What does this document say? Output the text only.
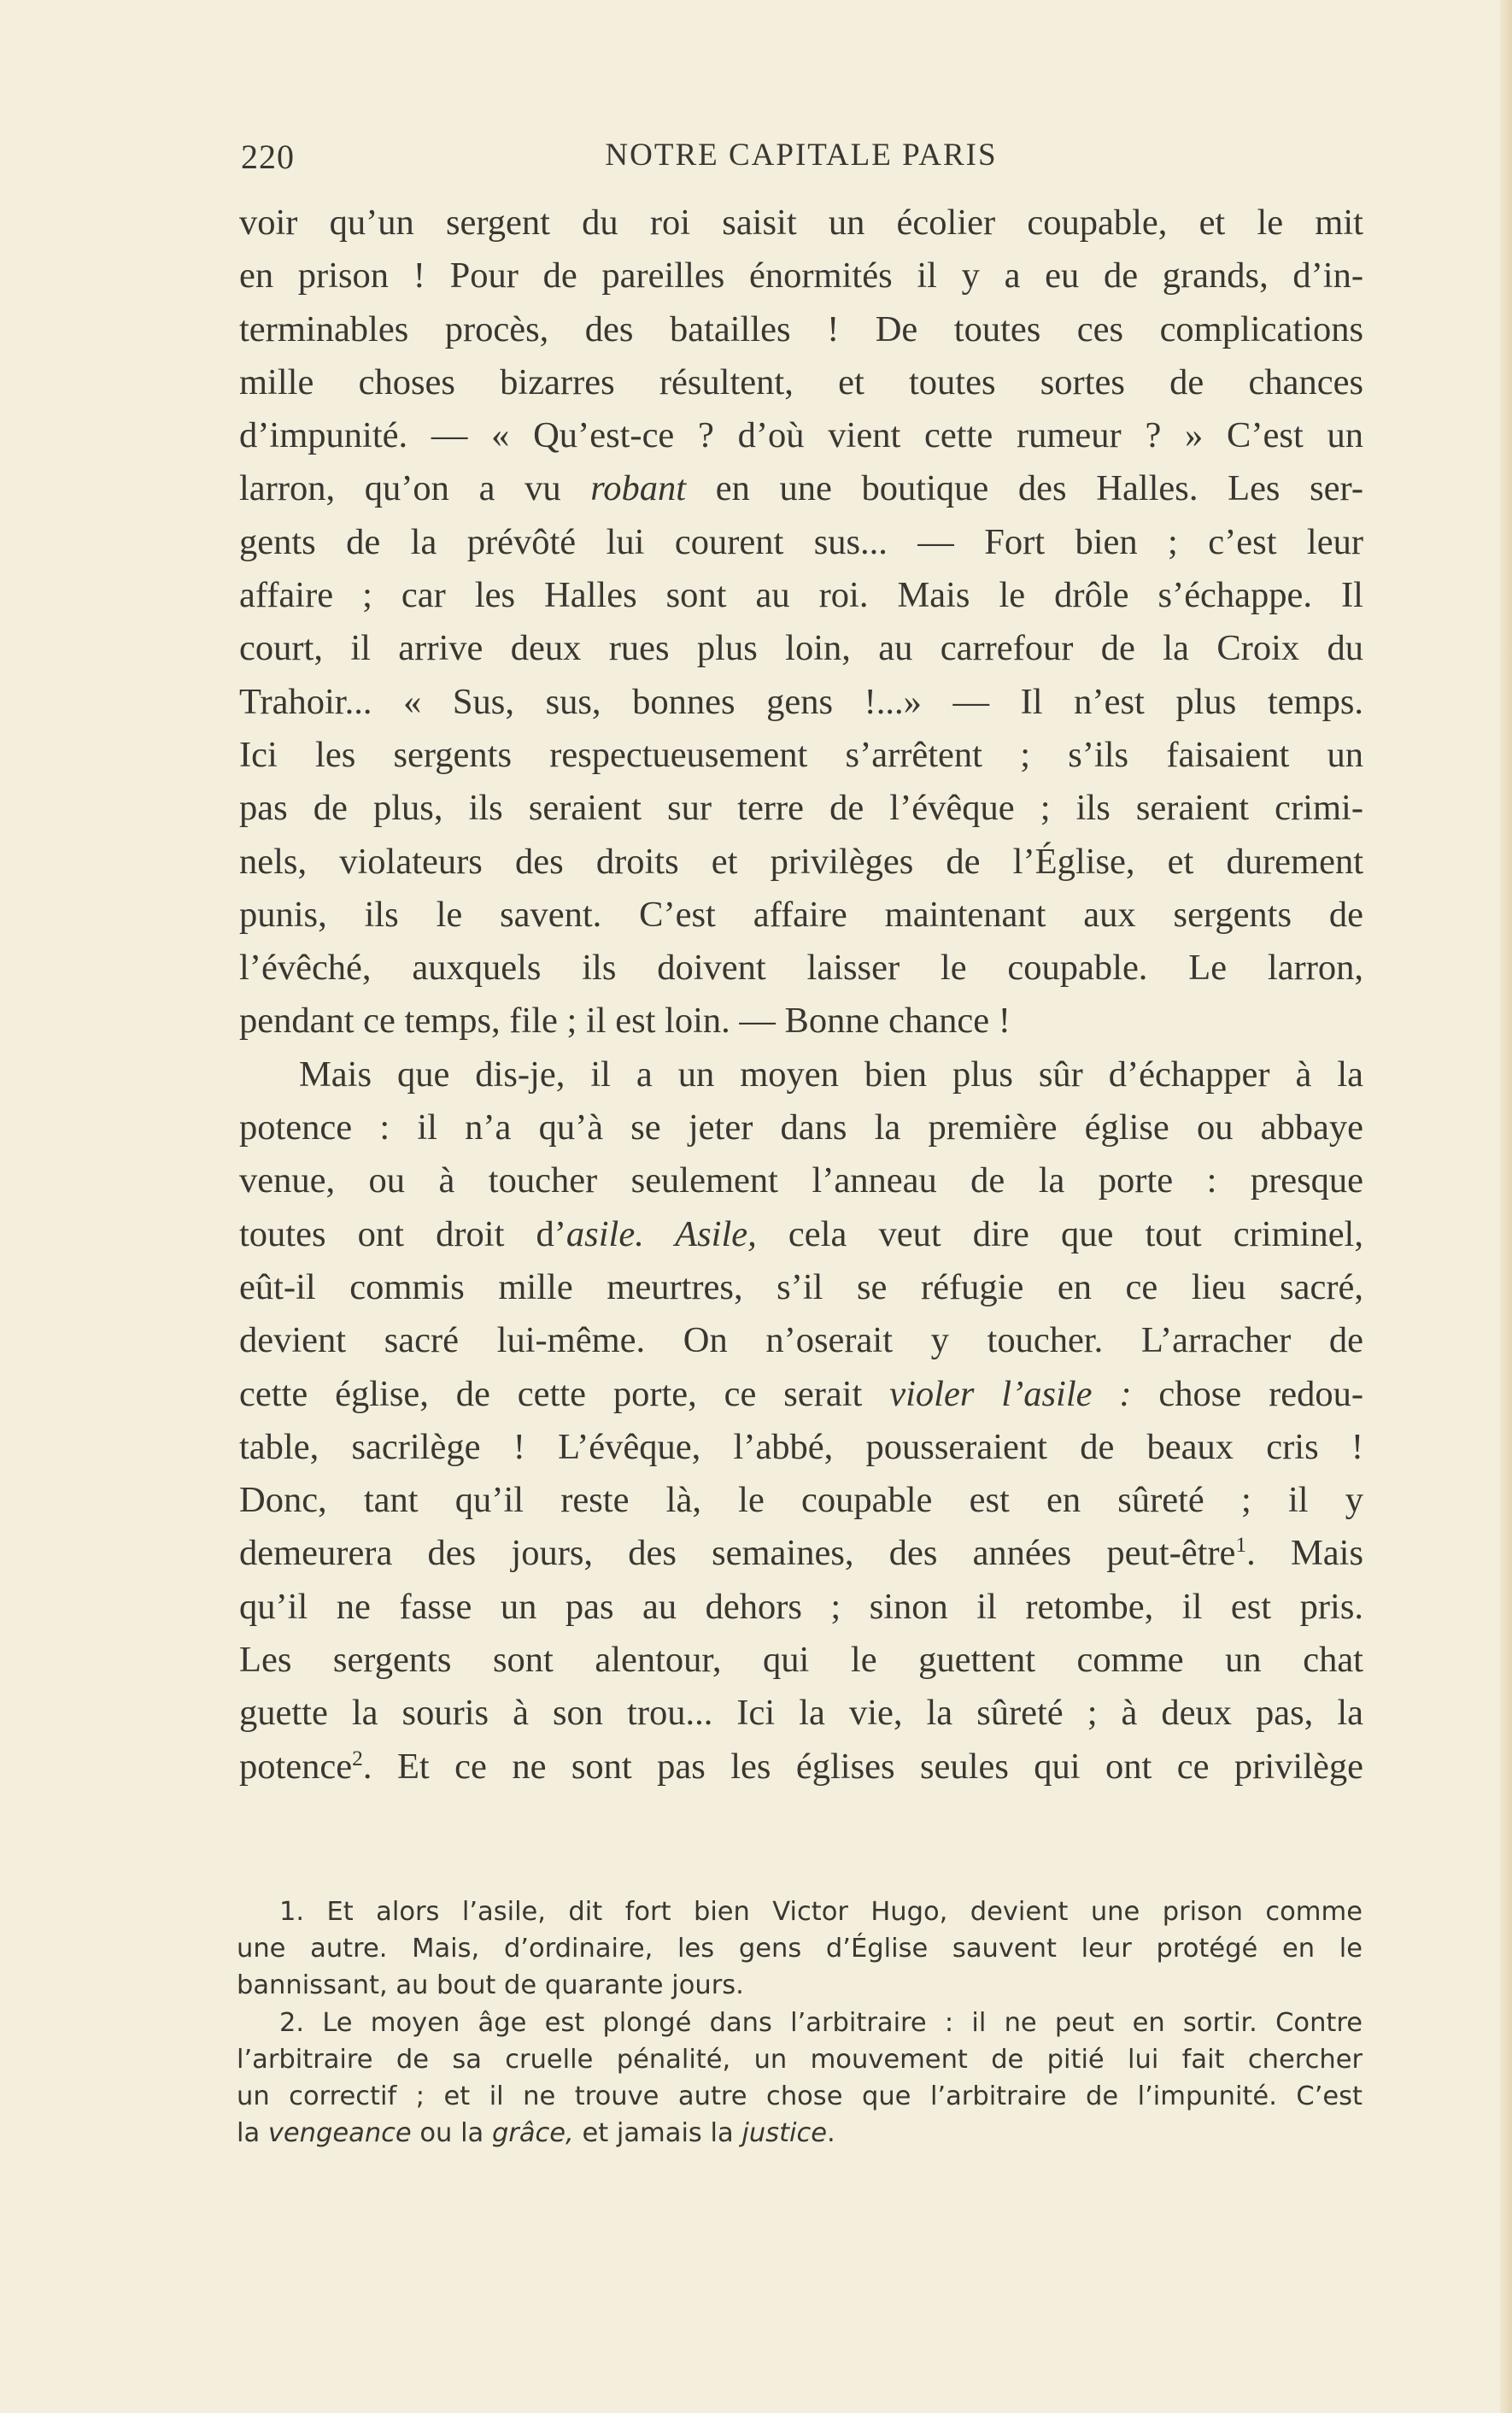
220	NOTRE CAPITALE PARIS
voir qu’un sergent du roi saisit un écolier coupable, et le mit
en prison ! Pour de pareilles énormités il y a eu de grands, d’in-
terminables procès, des batailles ! De toutes ces complications
mille choses bizarres résultent, et toutes sortes de chances
d’impunité. — « Qu’est-ce ? d’où vient cette rumeur ? » C’est un
larron, qu’on a vu robant en une boutique des Halles. Les ser-
gents de la prévôté lui courent sus... — Fort bien ; c’est leur
affaire ; car les Halles sont au roi. Mais le drôle s’échappe. Il
court, il arrive deux rues plus loin, au carrefour de la Croix du
Trahoir... « Sus, sus, bonnes gens !...» — Il n’est plus temps.
Ici les sergents respectueusement s’arrêtent ; s’ils faisaient un
pas de plus, ils seraient sur terre de l’évêque ; ils seraient crimi-
nels, violateurs des droits et privilèges de l’Église, et durement
punis, ils le savent. C’est affaire maintenant aux sergents de
l’évêché, auxquels ils doivent laisser le coupable. Le larron,
pendant ce temps, file ; il est loin. — Bonne chance !
Mais que dis-je, il a un moyen bien plus sûr d’échapper à la
potence : il n’a qu’à se jeter dans la première église ou abbaye
venue, ou à toucher seulement l’anneau de la porte : presque
toutes ont droit d’asile. Asile, cela veut dire que tout criminel,
eût-il commis mille meurtres, s’il se réfugie en ce lieu sacré,
devient sacré lui-même. On n’oserait y toucher. L’arracher de
cette église, de cette porte, ce serait violer l’asile : chose redou-
table, sacrilège ! L’évêque, l’abbé, pousseraient de beaux cris !
Donc, tant qu’il reste là, le coupable est en sûreté ; il y
demeurera des jours, des semaines, des années peut-être$^1$. Mais
qu’il ne fasse un pas au dehors ; sinon il retombe, il est pris.
Les sergents sont alentour, qui le guettent comme un chat
guette la souris à son trou... Ici la vie, la sûreté ; à deux pas, la
potence$^2$. Et ce ne sont pas les églises seules qui ont ce privilège
1. Et alors l’asile, dit fort bien Victor Hugo, devient une prison comme
une autre. Mais, d’ordinaire, les gens d’Église sauvent leur protégé en le
bannissant, au bout de quarante jours.
2. Le moyen âge est plongé dans l’arbitraire : il ne peut en sortir. Contre
l’arbitraire de sa cruelle pénalité, un mouvement de pitié lui fait chercher
un correctif ; et il ne trouve autre chose que l’arbitraire de l’impunité. C’est
la vengeance ou la grâce, et jamais la justice.
